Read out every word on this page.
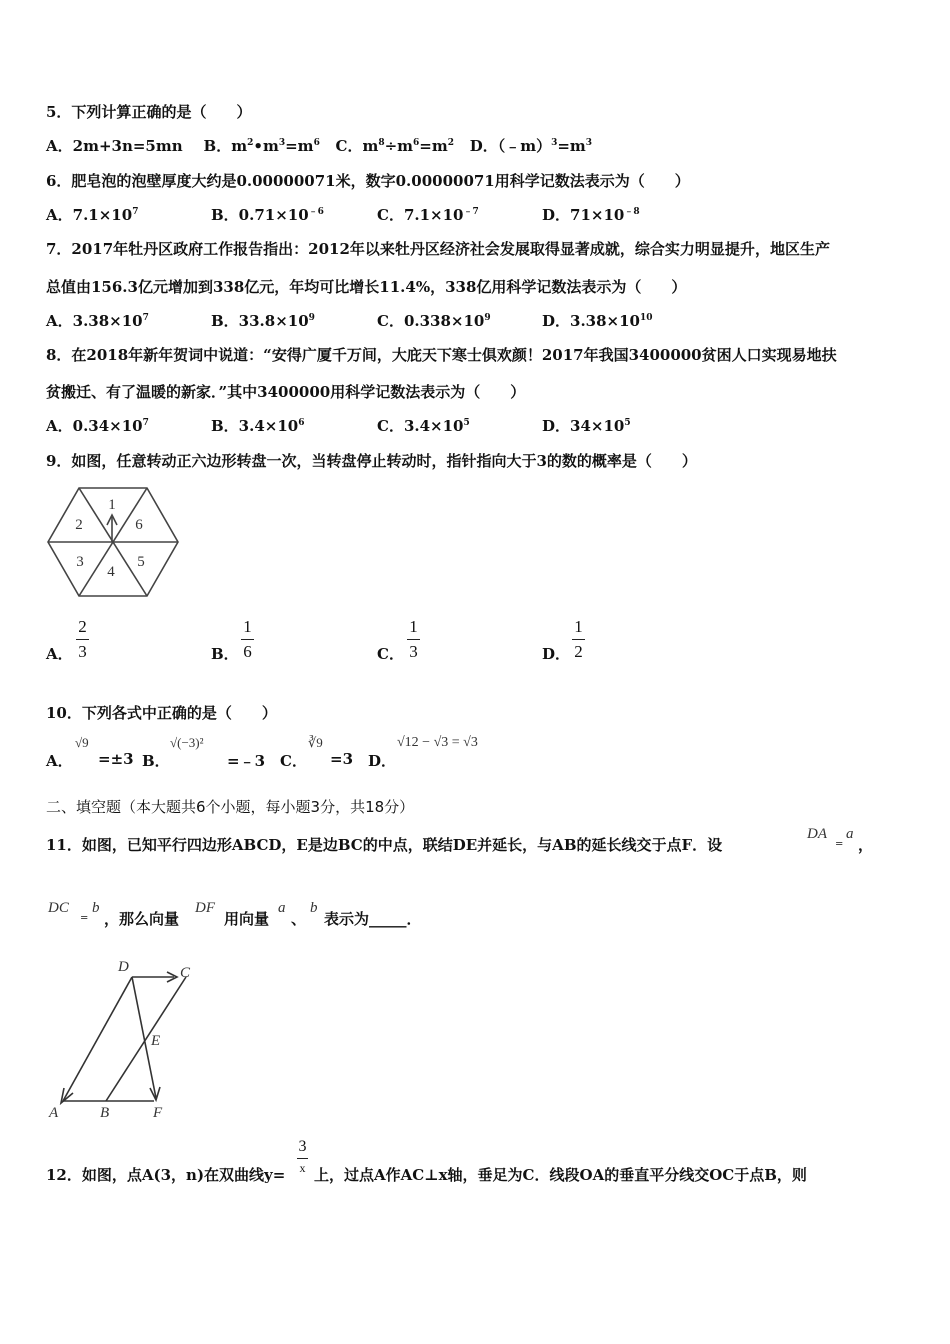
5．下列计算正确的是（　　）
A．2m+3n=5mn B．$m^2•m^3=m^6$ C．$m^8\div m^6=m^2$ D．$(﹣m)^3=m^3$
6．肥皂泡的泡壁厚度大约是0.00000071米，数字0.00000071用科学记数法表示为（　　）
A．$7.1\times 10^7$	B．$0.71\times 10^{﹣6}$	C．$7.1\times 10^{﹣7}$	D．$71\times 10^{﹣8}$
7．2017年牡丹区政府工作报告指出：2012年以来牡丹区经济社会发展取得显著成就，综合实力明显提升，地区生产
总值由156.3亿元增加到338亿元，年均可比增长11.4%，338亿用科学记数法表示为（　　）
A．$3.38\times 10^7$	B．$33.8\times 10^9$	C．$0.338\times 10^9$	D．$3.38\times 10^{10}$
8．在2018年新年贺词中说道：“安得广厦千万间，大庇天下寒士俱欢颜！2017年我国3400000贫困人口实现易地扶
贫搬迁、有了温暖的新家．”其中3400000用科学记数法表示为（　　）
A．$0.34\times 10^7$	B．$3.4\times 10^6$	C．$3.4\times 10^5$	D．$34\times 10^5$
9．如图，任意转动正六边形转盘一次，当转盘停止转动时，指针指向大于3的数的概率是（　　）
1
6
5
4
3
2
A．
2
3	B．
1
6	C．
1
3	D．
1
2
10．下列各式中正确的是（　　）
A．
√9
=±3 B．
√(−3)²
=﹣3 C．
∛9
=3 D．
√12 − √3 = √3
二、填空题（本大题共6个小题，每小题3分，共18分）
11．如图，已知平行四边形ABCD，E是边BC的中点，联结DE并延长，与AB的延长线交于点F．设
DA
=
a
，
DC
=
b
，那么向量
DF
用向量
a
、
b
表示为_____．
D	C
E
A	B	F
12．如图，点A(3，n)在双曲线y=
3
x 上，过点A作AC⊥x轴，垂足为C．线段OA的垂直平分线交OC于点B，则
